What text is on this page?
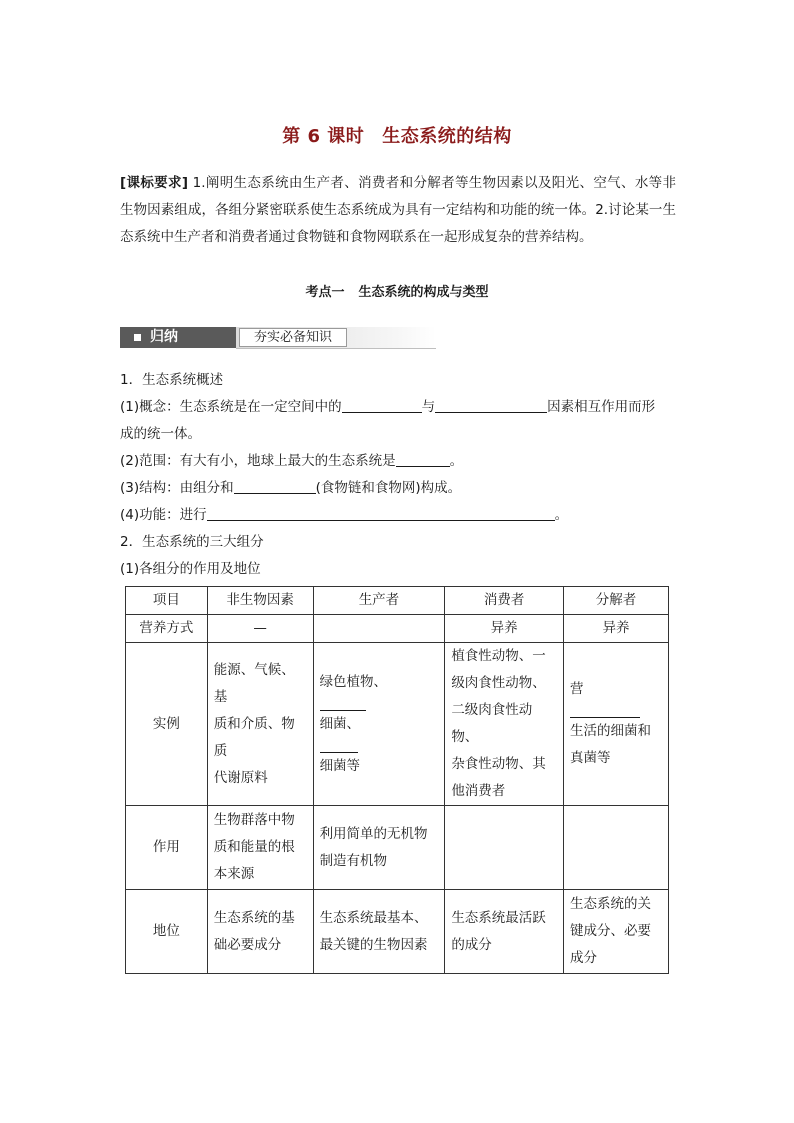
第 6 课时 生态系统的结构
[课标要求] 1.阐明生态系统由生产者、消费者和分解者等生物因素以及阳光、空气、水等非生物因素组成，各组分紧密联系使生态系统成为具有一定结构和功能的统一体。2.讨论某一生态系统中生产者和消费者通过食物链和食物网联系在一起形成复杂的营养结构。
考点一 生态系统的构成与类型
归纳	夯实必备知识
1．生态系统概述
(1)概念：生态系统是在一定空间中的	与	因素相互作用而形
成的统一体。
(2)范围：有大有小，地球上最大的生态系统是	。
(3)结构：由组分和	(食物链和食物网)构成。
(4)功能：进行	。
2．生态系统的三大组分
(1)各组分的作用及地位
项目	非生物因素	生产者	消费者	分解者
营养方式	—		异养	异养
实例	能源、气候、基
质和介质、物质
代谢原料	绿色植物、
细菌、
细菌等	植食性动物、一
级肉食性动物、
二级肉食性动物、
杂食性动物、其
他消费者	营
生活的细菌和
真菌等

作用	生物群落中物
质和能量的根
本来源	利用简单的无机物
制造有机物		

地位	生态系统的基
础必要成分	生态系统最基本、
最关键的生物因素	生态系统最活跃
的成分	生态系统的关
键成分、必要
成分
